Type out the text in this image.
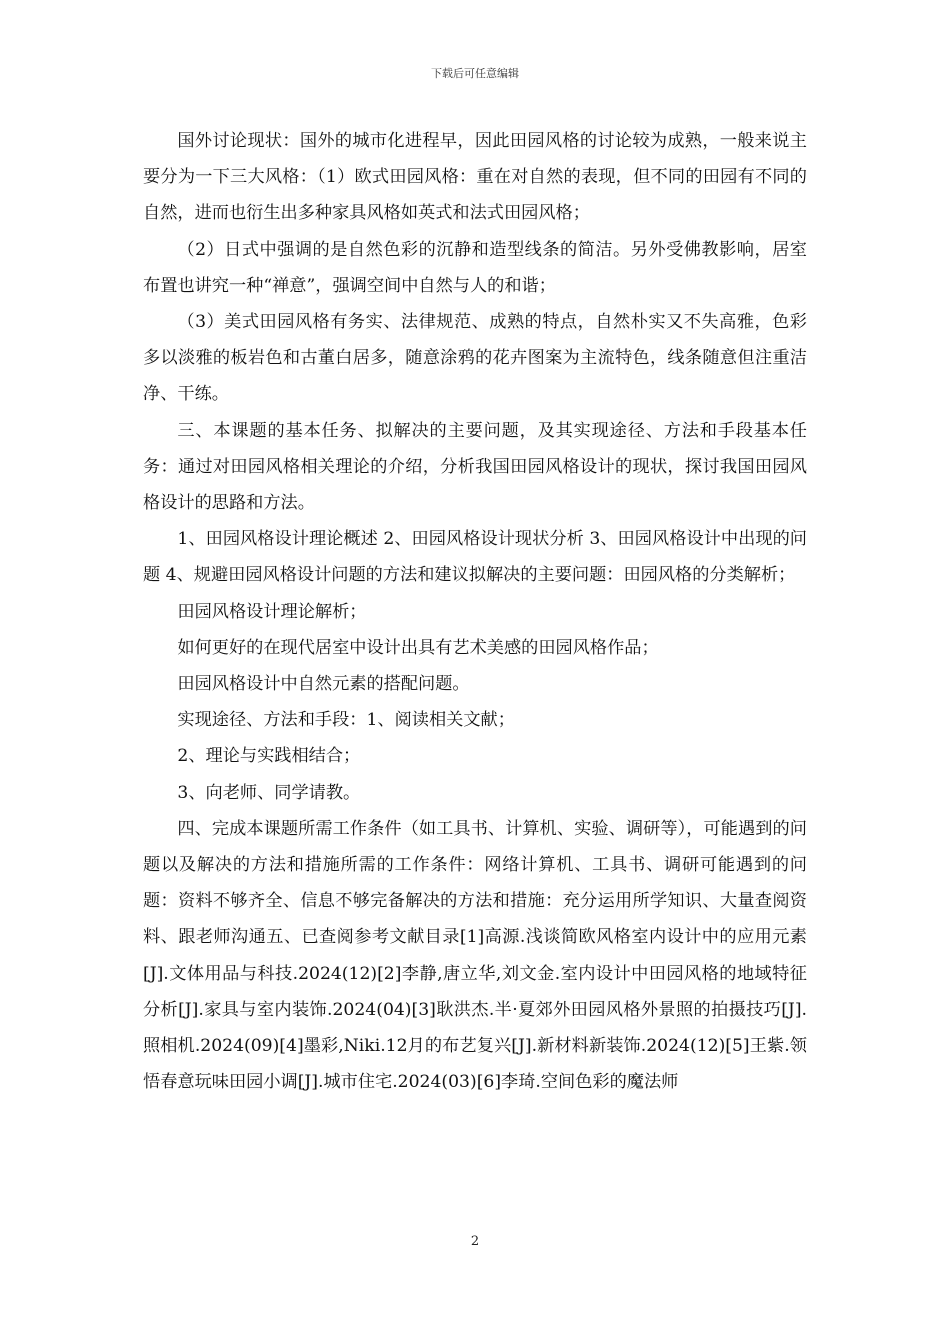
下载后可任意编辑

国外讨论现状：国外的城市化进程早，因此田园风格的讨论较为成熟，一般来说主要分为一下三大风格：（1）欧式田园风格：重在对自然的表现，但不同的田园有不同的自然，进而也衍生出多种家具风格如英式和法式田园风格；

（2）日式中强调的是自然色彩的沉静和造型线条的简洁。另外受佛教影响，居室布置也讲究一种“禅意”，强调空间中自然与人的和谐；

（3）美式田园风格有务实、法律规范、成熟的特点，自然朴实又不失高雅，色彩多以淡雅的板岩色和古董白居多，随意涂鸦的花卉图案为主流特色，线条随意但注重洁净、干练。

三、本课题的基本任务、拟解决的主要问题，及其实现途径、方法和手段基本任务：通过对田园风格相关理论的介绍，分析我国田园风格设计的现状，探讨我国田园风格设计的思路和方法。

1、田园风格设计理论概述 2、田园风格设计现状分析 3、田园风格设计中出现的问题 4、规避田园风格设计问题的方法和建议拟解决的主要问题：田园风格的分类解析；

田园风格设计理论解析；

如何更好的在现代居室中设计出具有艺术美感的田园风格作品；

田园风格设计中自然元素的搭配问题。

实现途径、方法和手段：1、阅读相关文献；

2、理论与实践相结合；

3、向老师、同学请教。

四、完成本课题所需工作条件（如工具书、计算机、实验、调研等），可能遇到的问题以及解决的方法和措施所需的工作条件：网络计算机、工具书、调研可能遇到的问题：资料不够齐全、信息不够完备解决的方法和措施：充分运用所学知识、大量查阅资料、跟老师沟通五、已查阅参考文献目录[1]高源.浅谈简欧风格室内设计中的应用元素[J].文体用品与科技.2024(12)[2]李静,唐立华,刘文金.室内设计中田园风格的地域特征分析[J].家具与室内装饰.2024(04)[3]耿洪杰.半·夏郊外田园风格外景照的拍摄技巧[J].照相机.2024(09)[4]墨彩,Niki.12月的布艺复兴[J].新材料新装饰.2024(12)[5]王紫.领悟春意玩味田园小调[J].城市住宅.2024(03)[6]李琦.空间色彩的魔法师

2
